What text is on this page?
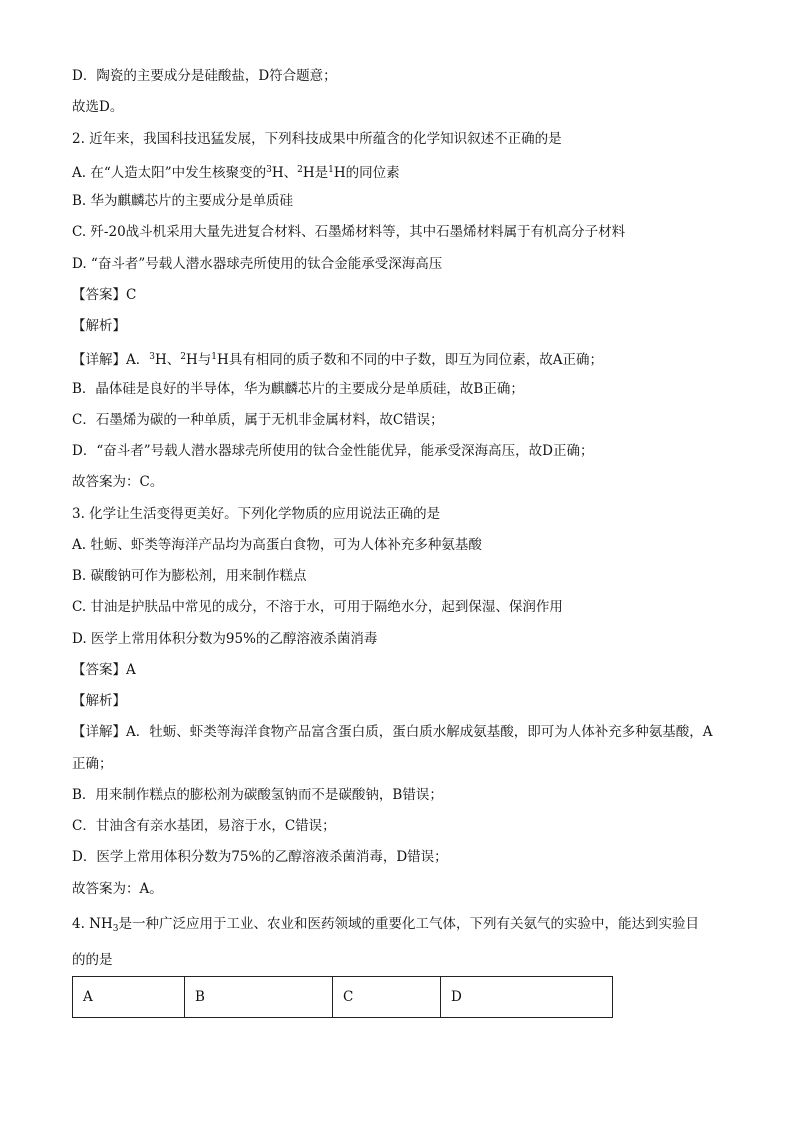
D．陶瓷的主要成分是硅酸盐，D符合题意；
故选D。
2. 近年来，我国科技迅猛发展，下列科技成果中所蕴含的化学知识叙述不正确的是
A. 在“人造太阳”中发生核聚变的$^3$H、$^2$H是$^1$H的同位素
B. 华为麒麟芯片的主要成分是单质硅
C. 歼-20战斗机采用大量先进复合材料、石墨烯材料等，其中石墨烯材料属于有机高分子材料
D. “奋斗者”号载人潜水器球壳所使用的钛合金能承受深海高压
【答案】C
【解析】
【详解】A．$^3$H、$^2$H与$^1$H具有相同的质子数和不同的中子数，即互为同位素，故A正确；
B．晶体硅是良好的半导体，华为麒麟芯片的主要成分是单质硅，故B正确；
C．石墨烯为碳的一种单质，属于无机非金属材料，故C错误；
D．“奋斗者”号载人潜水器球壳所使用的钛合金性能优异，能承受深海高压，故D正确；
故答案为：C。
3. 化学让生活变得更美好。下列化学物质的应用说法正确的是
A. 牡蛎、虾类等海洋产品均为高蛋白食物，可为人体补充多种氨基酸
B. 碳酸钠可作为膨松剂，用来制作糕点
C. 甘油是护肤品中常见的成分，不溶于水，可用于隔绝水分，起到保湿、保润作用
D. 医学上常用体积分数为95%的乙醇溶液杀菌消毒
【答案】A
【解析】
【详解】A．牡蛎、虾类等海洋食物产品富含蛋白质，蛋白质水解成氨基酸，即可为人体补充多种氨基酸，A
正确；
B．用来制作糕点的膨松剂为碳酸氢钠而不是碳酸钠，B错误；
C．甘油含有亲水基团，易溶于水，C错误；
D．医学上常用体积分数为75%的乙醇溶液杀菌消毒，D错误；
故答案为：A。
4. $NH_3$是一种广泛应用于工业、农业和医药领域的重要化工气体，下列有关氨气的实验中，能达到实验目
的的是
A	B	C	D
